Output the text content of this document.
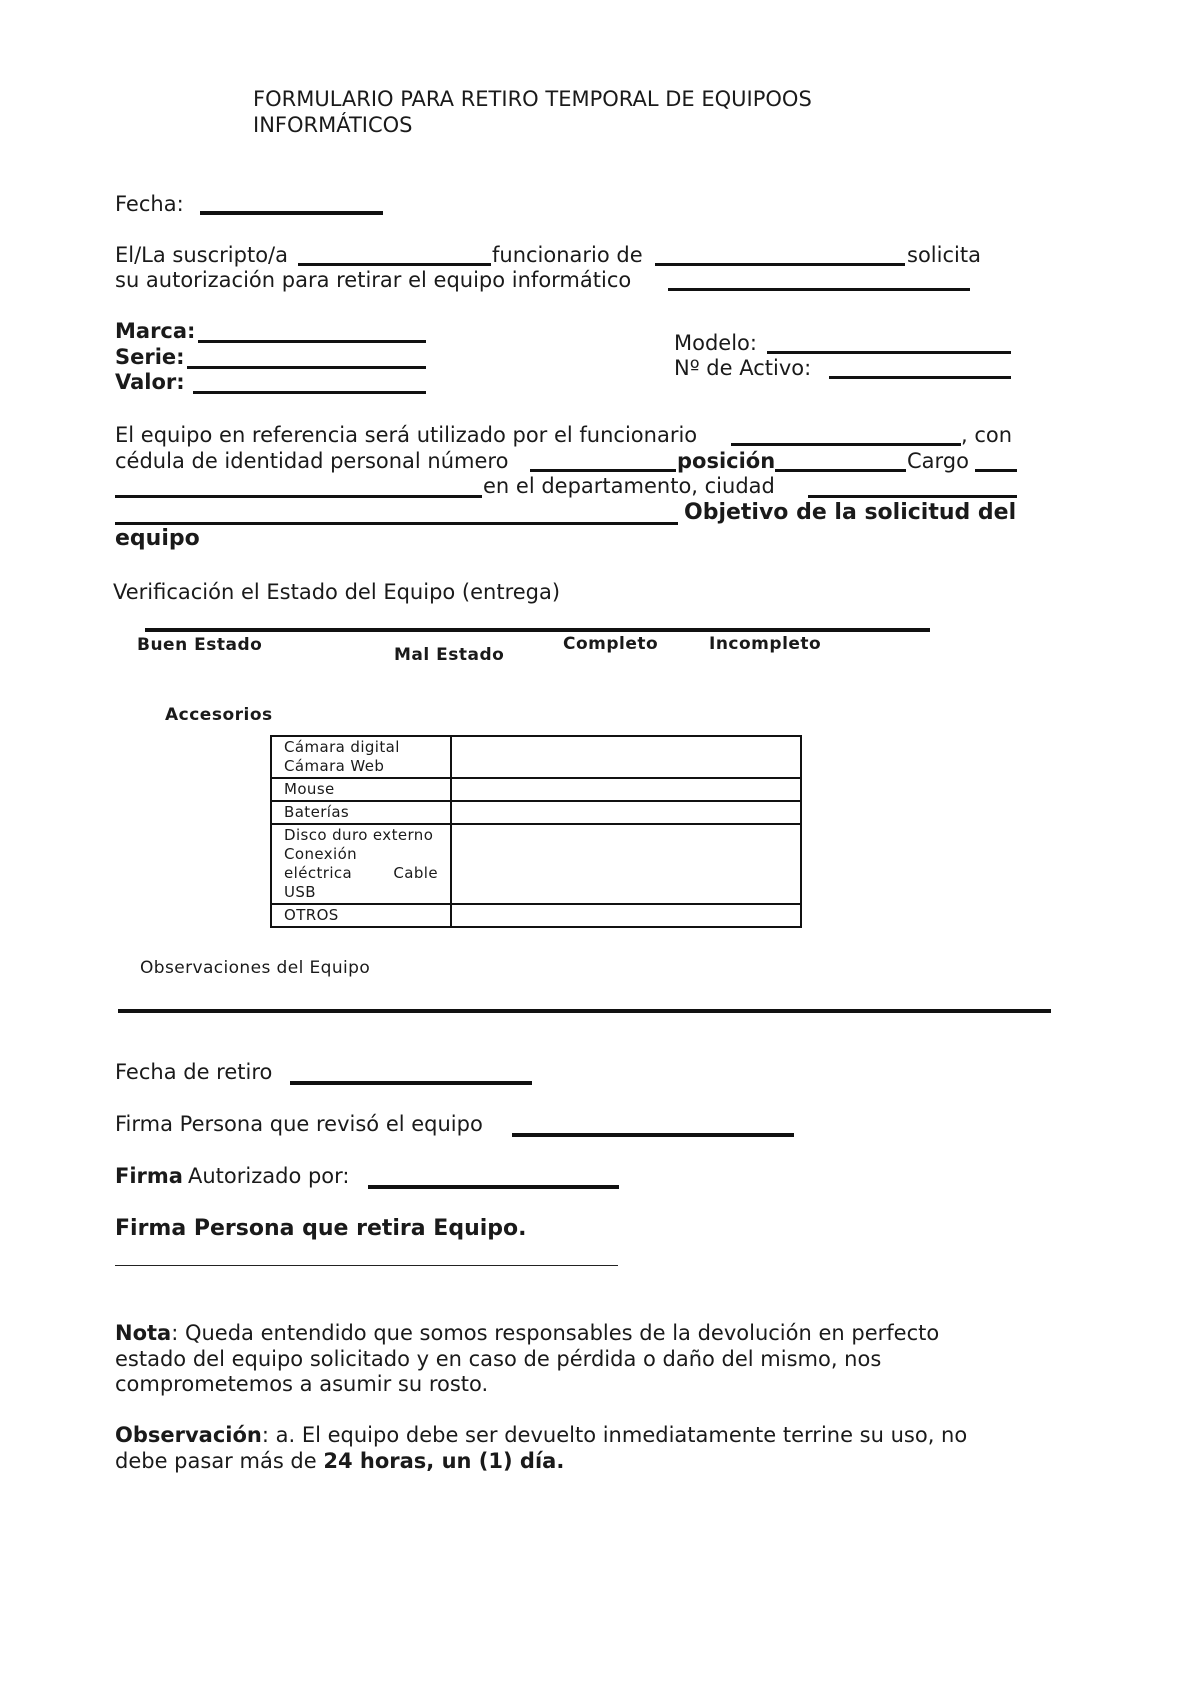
FORMULARIO PARA RETIRO TEMPORAL DE EQUIPOOS
INFORMÁTICOS
Fecha:
El/La suscripto/a	funcionario de	solicita
su autorización para retirar el equipo informático
Marca:
Serie:
Valor:
Modelo:
Nº de Activo:
El equipo en referencia será utilizado por el funcionario	, con
cédula de identidad personal número	posición	Cargo
en el departamento, ciudad
Objetivo de la solicitud del
equipo
Verificación el Estado del Equipo (entrega)
Buen Estado	Mal Estado
Completo	Incompleto
Accesorios
Cámara digital
Cámara Web	

Mouse	

Baterías	

Disco duro externo
Conexión
eléctrica Cable
USB	

OTROS	

Observaciones del Equipo
Fecha de retiro
Firma Persona que revisó el equipo
Firma Autorizado por:
Firma Persona que retira Equipo.
Nota: Queda entendido que somos responsables de la devolución en perfecto
estado del equipo solicitado y en caso de pérdida o daño del mismo, nos
comprometemos a asumir su rosto.
Observación: a. El equipo debe ser devuelto inmediatamente terrine su uso, no
debe pasar más de 24 horas, un (1) día.
